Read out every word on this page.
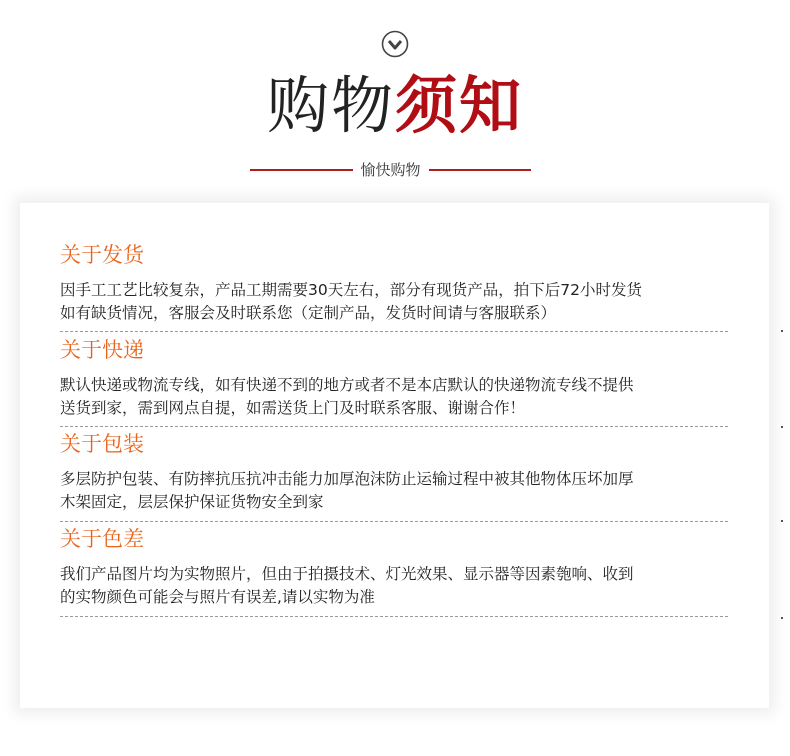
购物须知
愉快购物
关于发货

因手工工艺比较复杂，产品工期需要30天左右，部分有现货产品，拍下后72小时发货
如有缺货情况，客服会及时联系您（定制产品，发货时间请与客服联系）

关于快递

默认快递或物流专线，如有快递不到的地方或者不是本店默认的快递物流专线不提供
送货到家，需到网点自提，如需送货上门及时联系客服、谢谢合作！

关于包装

多层防护包装、有防摔抗压抗冲击能力加厚泡沫防止运输过程中被其他物体压坏加厚
木架固定，层层保护保证货物安全到家

关于色差

我们产品图片均为实物照片，但由于拍摄技术、灯光效果、显示器等因素匏响、收到
的实物颜色可能会与照片有误差,请以实物为准
